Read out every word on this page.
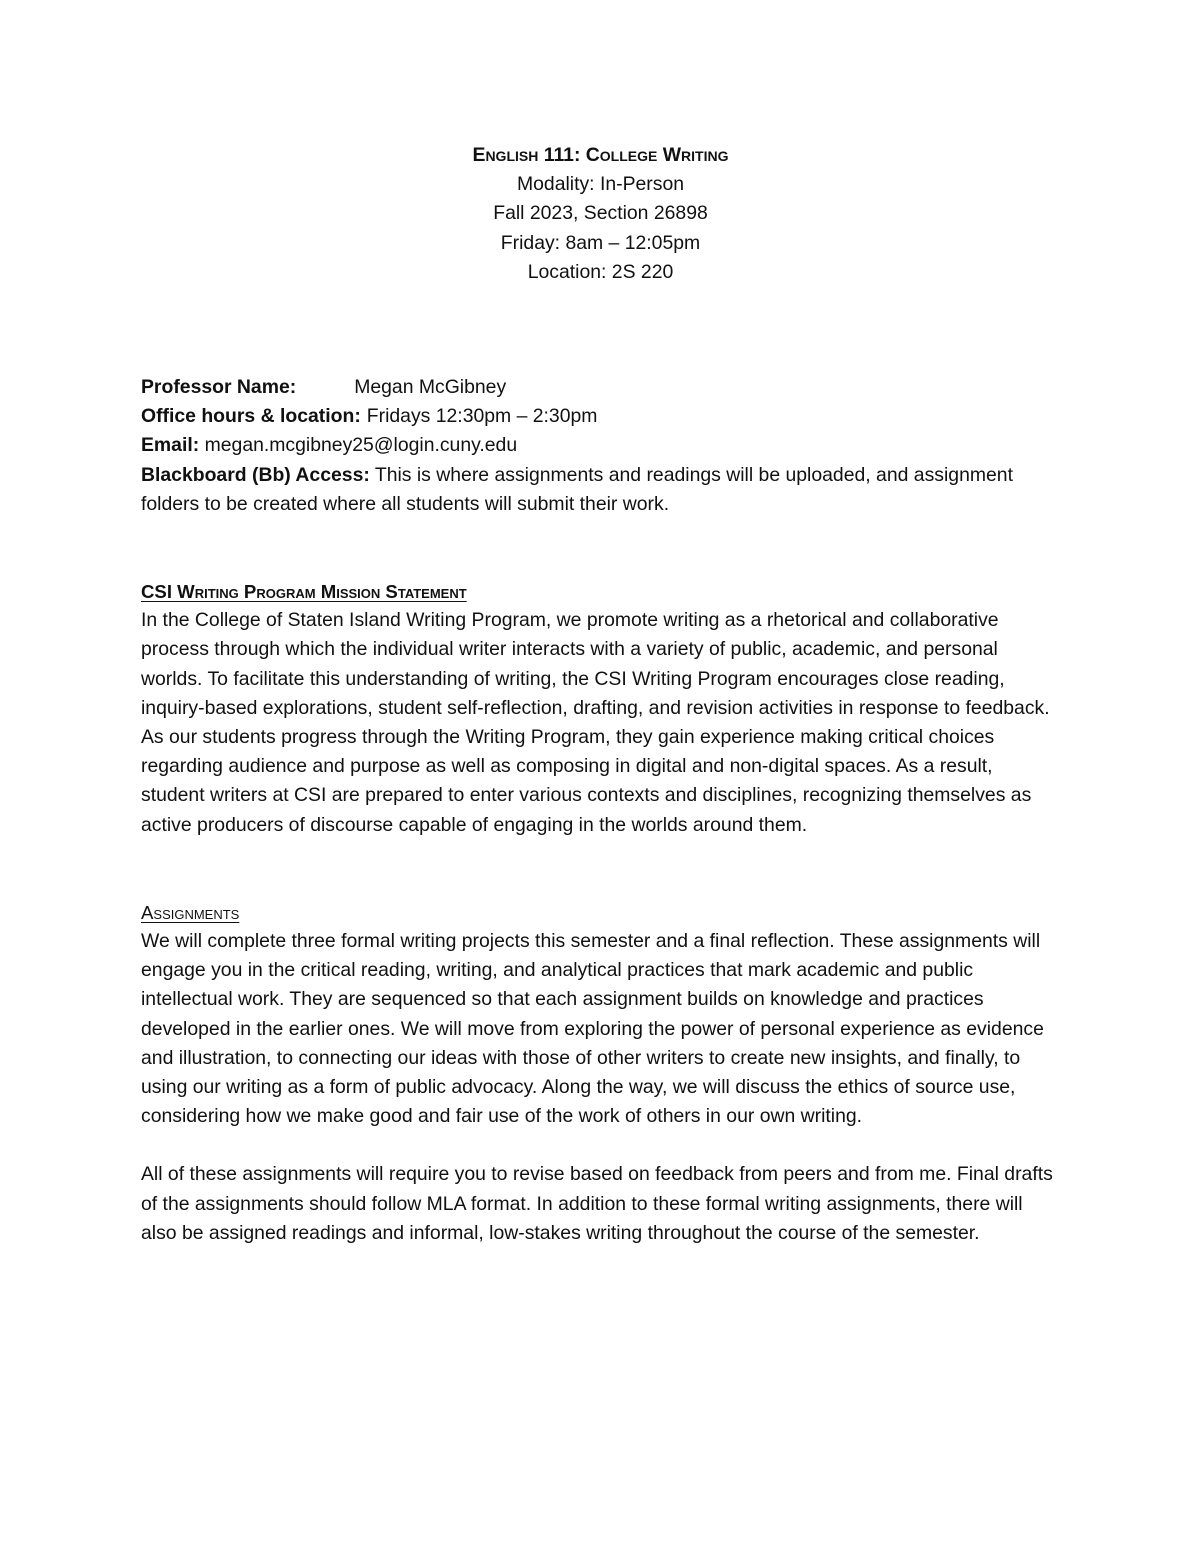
English 111: College Writing
Modality: In-Person
Fall 2023, Section 26898
Friday: 8am – 12:05pm
Location: 2S 220
Professor Name:	Megan McGibney
Office hours & location: Fridays 12:30pm – 2:30pm
Email: megan.mcgibney25@login.cuny.edu
Blackboard (Bb) Access: This is where assignments and readings will be uploaded, and assignment folders to be created where all students will submit their work.
CSI Writing Program Mission Statement

In the College of Staten Island Writing Program, we promote writing as a rhetorical and collaborative process through which the individual writer interacts with a variety of public, academic, and personal worlds. To facilitate this understanding of writing, the CSI Writing Program encourages close reading, inquiry-based explorations, student self-reflection, drafting, and revision activities in response to feedback. As our students progress through the Writing Program, they gain experience making critical choices regarding audience and purpose as well as composing in digital and non-digital spaces. As a result, student writers at CSI are prepared to enter various contexts and disciplines, recognizing themselves as active producers of discourse capable of engaging in the worlds around them.

Assignments

We will complete three formal writing projects this semester and a final reflection. These assignments will engage you in the critical reading, writing, and analytical practices that mark academic and public intellectual work. They are sequenced so that each assignment builds on knowledge and practices developed in the earlier ones. We will move from exploring the power of personal experience as evidence and illustration, to connecting our ideas with those of other writers to create new insights, and finally, to using our writing as a form of public advocacy. Along the way, we will discuss the ethics of source use, considering how we make good and fair use of the work of others in our own writing.

All of these assignments will require you to revise based on feedback from peers and from me. Final drafts of the assignments should follow MLA format. In addition to these formal writing assignments, there will also be assigned readings and informal, low-stakes writing throughout the course of the semester.
